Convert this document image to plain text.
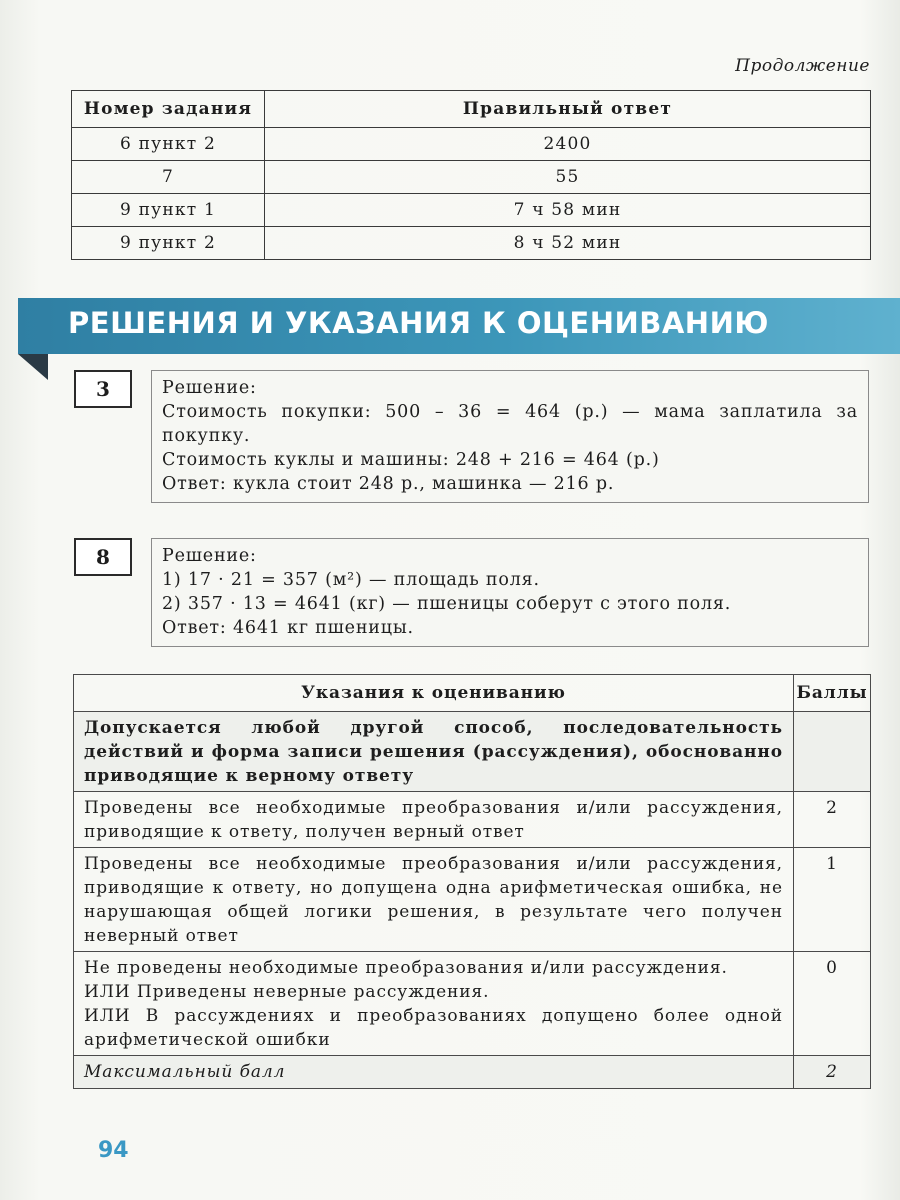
Продолжение
Номер задания	Правильный ответ
6 пункт 2	2400
7	55
9 пункт 1	7 ч 58 мин
9 пункт 2	8 ч 52 мин
РЕШЕНИЯ И УКАЗАНИЯ К ОЦЕНИВАНИЮ
3	Решение:
Стоимость покупки: 500 – 36 = 464 (р.) — мама заплатила за покупку.
Стоимость куклы и машины: 248 + 216 = 464 (р.)
Ответ: кукла стоит 248 р., машинка — 216 р.
8	Решение:
1) 17 · 21 = 357 (м²) — площадь поля.
2) 357 · 13 = 4641 (кг) — пшеницы соберут с этого поля.
Ответ: 4641 кг пшеницы.
Указания к оцениванию	Баллы
Допускается любой другой способ, последовательность действий и форма записи решения (рассуждения), обоснованно приводящие к верному ответу	
Проведены все необходимые преобразования и/или рассуждения, приводящие к ответу, получен верный ответ	2
Проведены все необходимые преобразования и/или рассуждения, приводящие к ответу, но допущена одна арифметическая ошибка, не нарушающая общей логики решения, в результате чего получен неверный ответ	1

Не проведены необходимые преобразования и/или рассуждения.
ИЛИ Приведены неверные рассуждения.
ИЛИ В рассуждениях и преобразованиях допущено более одной арифметической ошибки	0
Максимальный балл	2
94
